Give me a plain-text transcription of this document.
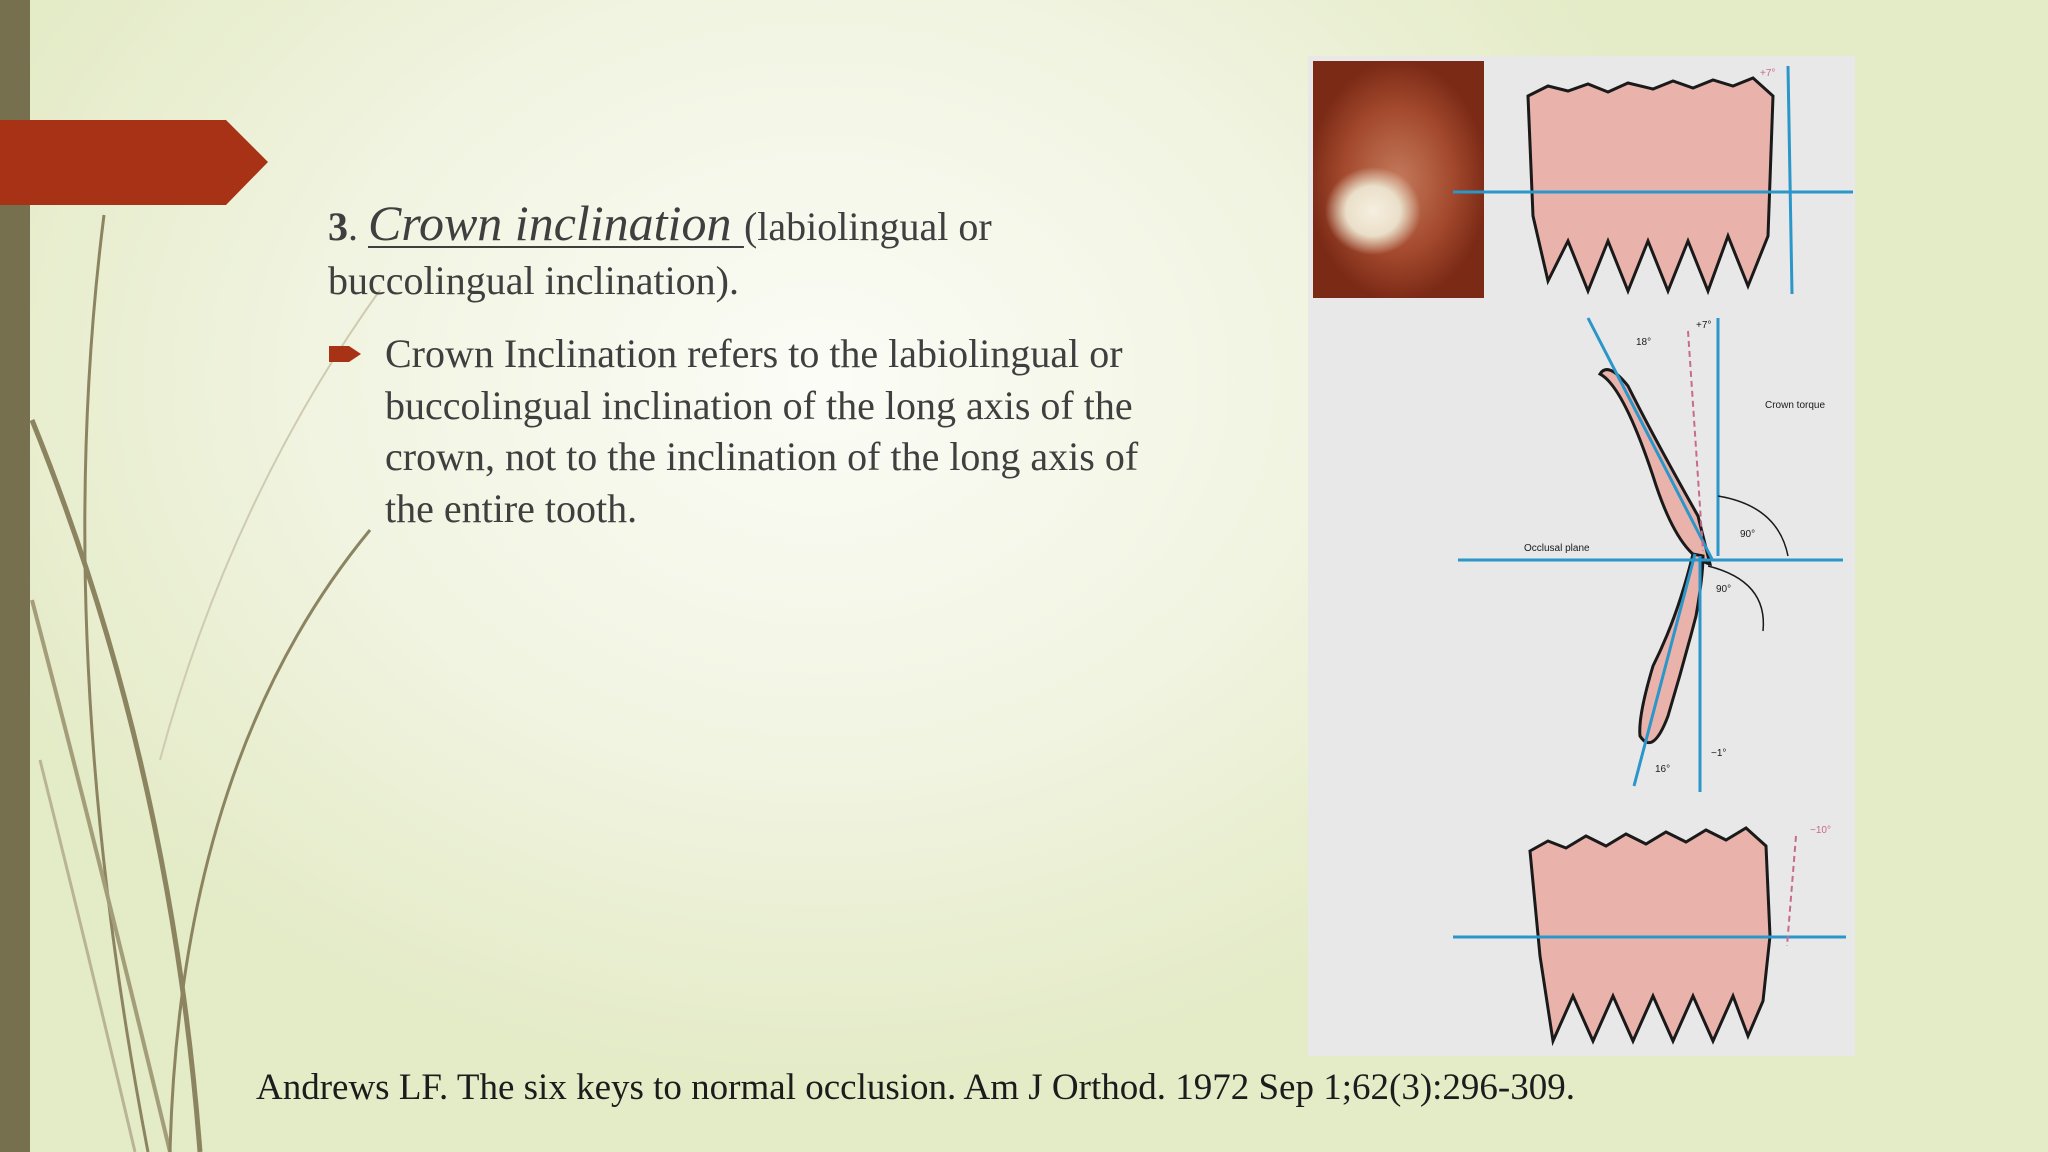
3. Crown inclination (labiolingual or buccolingual inclination).

Crown Inclination refers to the labiolingual or buccolingual inclination of the long axis of the crown, not to the inclination of the long axis of the entire tooth.
+7°
18°
+7°
Crown torque
90°
Occlusal plane
90°
16°
−1°
−10°
Andrews LF. The six keys to normal occlusion. Am J Orthod. 1972 Sep 1;62(3):296-309.
